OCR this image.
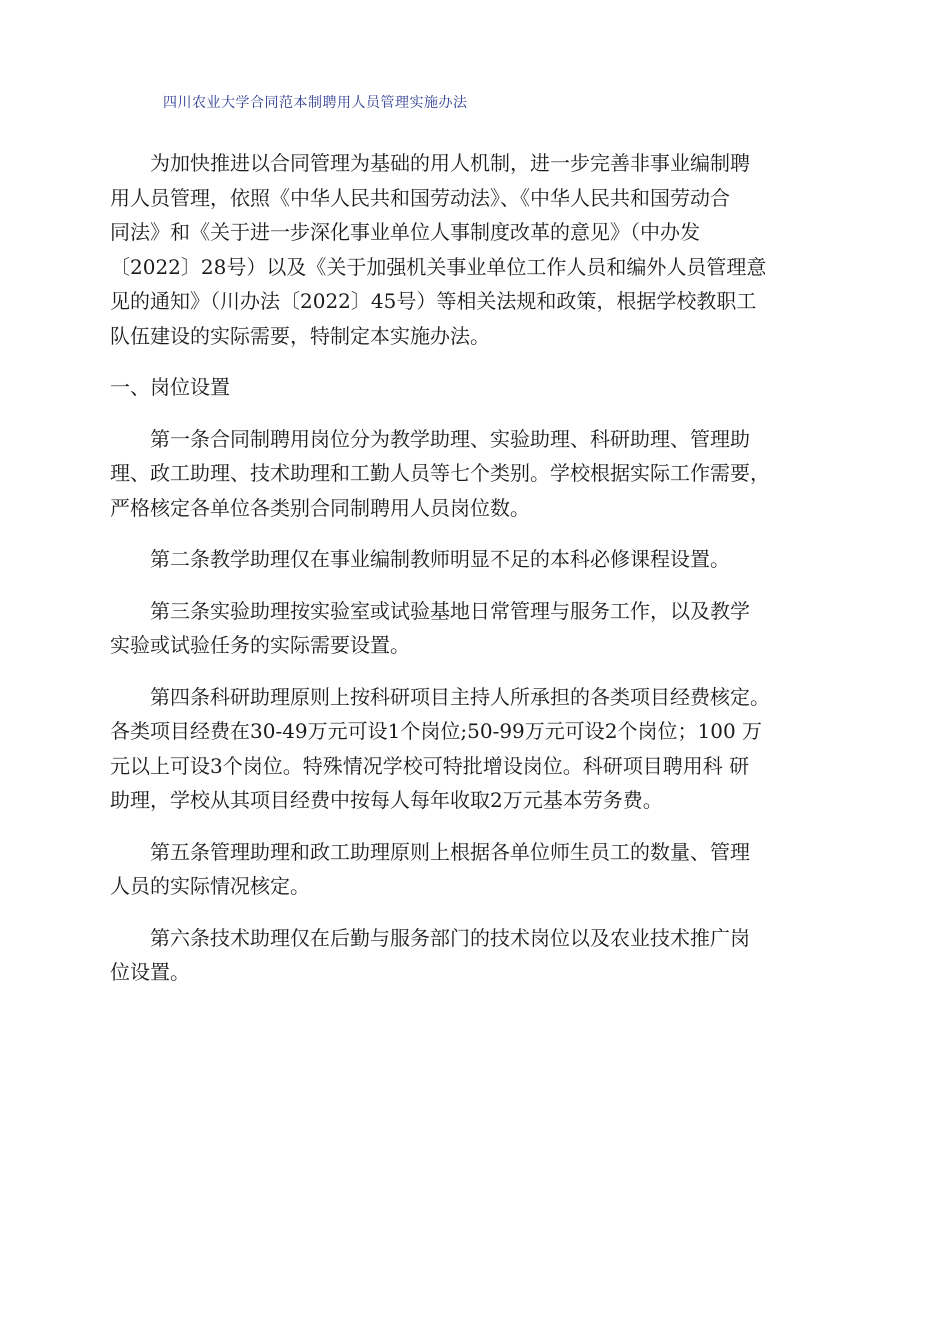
四川农业大学合同范本制聘用人员管理实施办法

为加快推进以合同管理为基础的用人机制，进一步完善非事业编制聘
用人员管理，依照《中华人民共和国劳动法》、《中华人民共和国劳动合
同法》和《关于进一步深化事业单位人事制度改革的意见》（中办发
〔2022〕28号）以及《关于加强机关事业单位工作人员和编外人员管理意
见的通知》（川办法〔2022〕45号）等相关法规和政策，根据学校教职工
队伍建设的实际需要，特制定本实施办法。

一、岗位设置

第一条合同制聘用岗位分为教学助理、实验助理、科研助理、管理助
理、政工助理、技术助理和工勤人员等七个类别。学校根据实际工作需要，
严格核定各单位各类别合同制聘用人员岗位数。

第二条教学助理仅在事业编制教师明显不足的本科必修课程设置。

第三条实验助理按实验室或试验基地日常管理与服务工作，以及教学
实验或试验任务的实际需要设置。

第四条科研助理原则上按科研项目主持人所承担的各类项目经费核定。
各类项目经费在30-49万元可设1个岗位;50-99万元可设2个岗位；100 万
元以上可设3个岗位。特殊情况学校可特批增设岗位。科研项目聘用科 研
助理，学校从其项目经费中按每人每年收取2万元基本劳务费。

第五条管理助理和政工助理原则上根据各单位师生员工的数量、管理
人员的实际情况核定。

第六条技术助理仅在后勤与服务部门的技术岗位以及农业技术推广岗
位设置。
